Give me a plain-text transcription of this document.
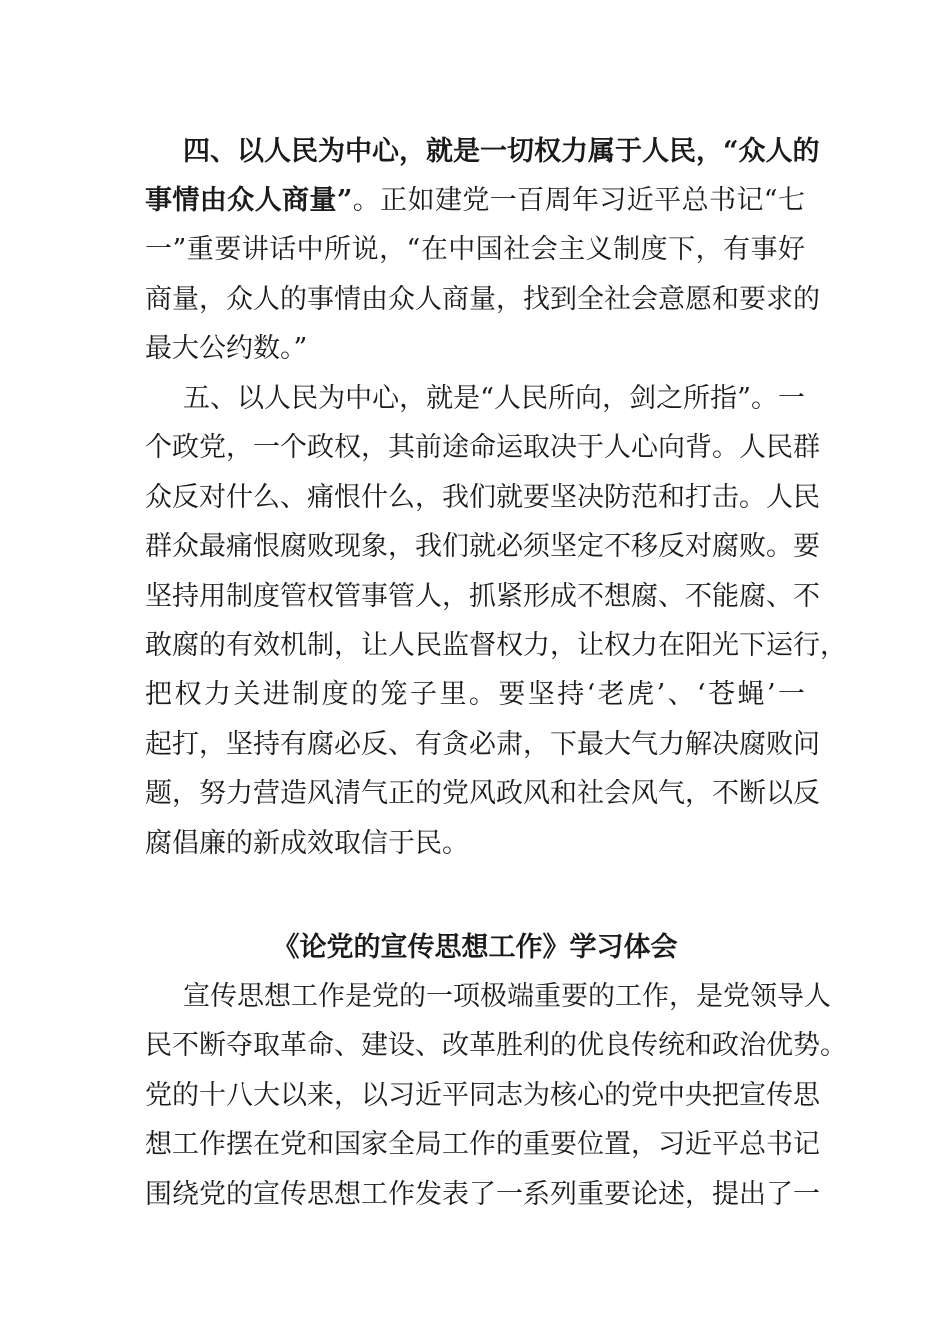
四、以人民为中心，就是一切权力属于人民，“众人的
事情由众人商量”。正如建党一百周年习近平总书记“七
一”重要讲话中所说，“在中国社会主义制度下，有事好
商量，众人的事情由众人商量，找到全社会意愿和要求的
最大公约数。”
五、以人民为中心，就是“人民所向，剑之所指”。一
个政党，一个政权，其前途命运取决于人心向背。人民群
众反对什么、痛恨什么，我们就要坚决防范和打击。人民
群众最痛恨腐败现象，我们就必须坚定不移反对腐败。要
坚持用制度管权管事管人，抓紧形成不想腐、不能腐、不
敢腐的有效机制，让人民监督权力，让权力在阳光下运行，
把权力关进制度的笼子里。要坚持‘老虎’、‘苍蝇’一
起打，坚持有腐必反、有贪必肃，下最大气力解决腐败问
题，努力营造风清气正的党风政风和社会风气，不断以反
腐倡廉的新成效取信于民。
《论党的宣传思想工作》学习体会
宣传思想工作是党的一项极端重要的工作，是党领导人
民不断夺取革命、建设、改革胜利的优良传统和政治优势。
党的十八大以来，以习近平同志为核心的党中央把宣传思
想工作摆在党和国家全局工作的重要位置，习近平总书记
围绕党的宣传思想工作发表了一系列重要论述，提出了一
